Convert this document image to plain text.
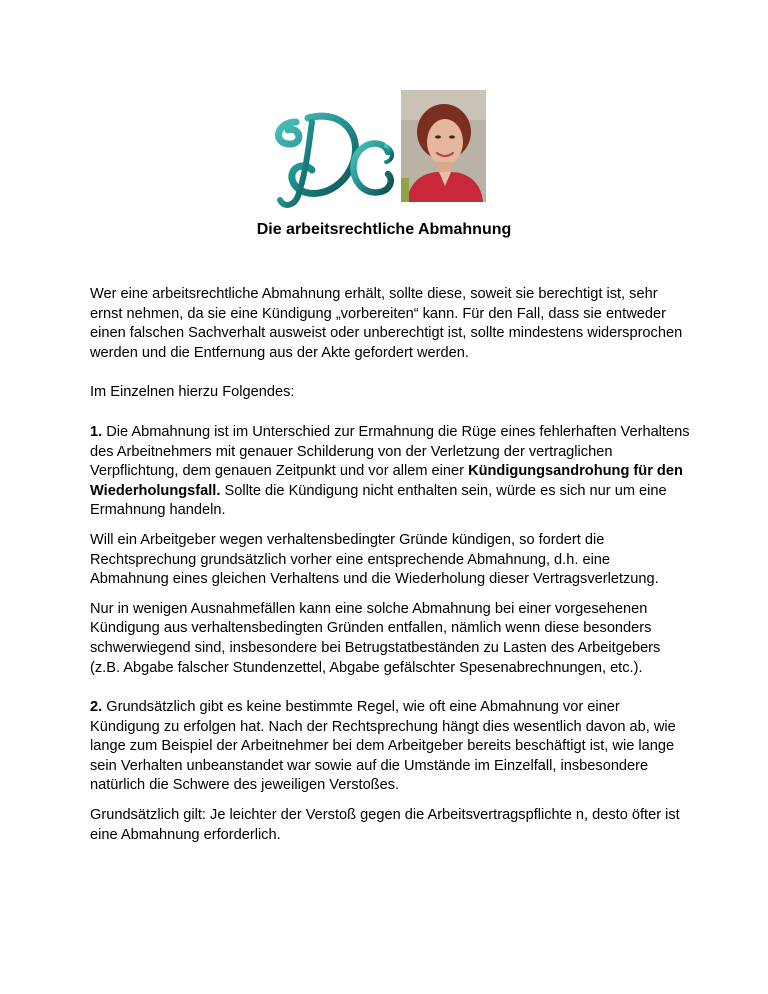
Die arbeitsrechtliche Abmahnung

Wer eine arbeitsrechtliche Abmahnung erhält, sollte diese, soweit sie berechtigt ist, sehr ernst nehmen, da sie eine Kündigung „vorbereiten“ kann. Für den Fall, dass sie entweder einen falschen Sachverhalt ausweist oder unberechtigt ist, sollte mindestens widersprochen werden und die Entfernung aus der Akte gefordert werden.

Im Einzelnen hierzu Folgendes:

1. Die Abmahnung ist im Unterschied zur Ermahnung die Rüge eines fehlerhaften Verhaltens des Arbeitnehmers mit genauer Schilderung von der Verletzung der vertraglichen Verpflichtung, dem genauen Zeitpunkt und vor allem einer Kündigungsandrohung für den Wiederholungsfall. Sollte die Kündigung nicht enthalten sein, würde es sich nur um eine Ermahnung handeln.

Will ein Arbeitgeber wegen verhaltensbedingter Gründe kündigen, so fordert die Rechtsprechung grundsätzlich vorher eine entsprechende Abmahnung, d.h. eine Abmahnung eines gleichen Verhaltens und die Wiederholung dieser Vertragsverletzung.

Nur in wenigen Ausnahmefällen kann eine solche Abmahnung bei einer vorgesehenen Kündigung aus verhaltensbedingten Gründen entfallen, nämlich wenn diese besonders schwerwiegend sind, insbesondere bei Betrugstatbeständen zu Lasten des Arbeitgebers (z.B. Abgabe falscher Stundenzettel, Abgabe gefälschter Spesenabrechnungen, etc.).

2. Grundsätzlich gibt es keine bestimmte Regel, wie oft eine Abmahnung vor einer Kündigung zu erfolgen hat. Nach der Rechtsprechung hängt dies wesentlich davon ab, wie lange zum Beispiel der Arbeitnehmer bei dem Arbeitgeber bereits beschäftigt ist, wie lange sein Verhalten unbeanstandet war sowie auf die Umstände im Einzelfall, insbesondere natürlich die Schwere des jeweiligen Verstoßes.

Grundsätzlich gilt: Je leichter der Verstoß gegen die Arbeitsvertragspflichte n, desto öfter ist eine Abmahnung erforderlich.
